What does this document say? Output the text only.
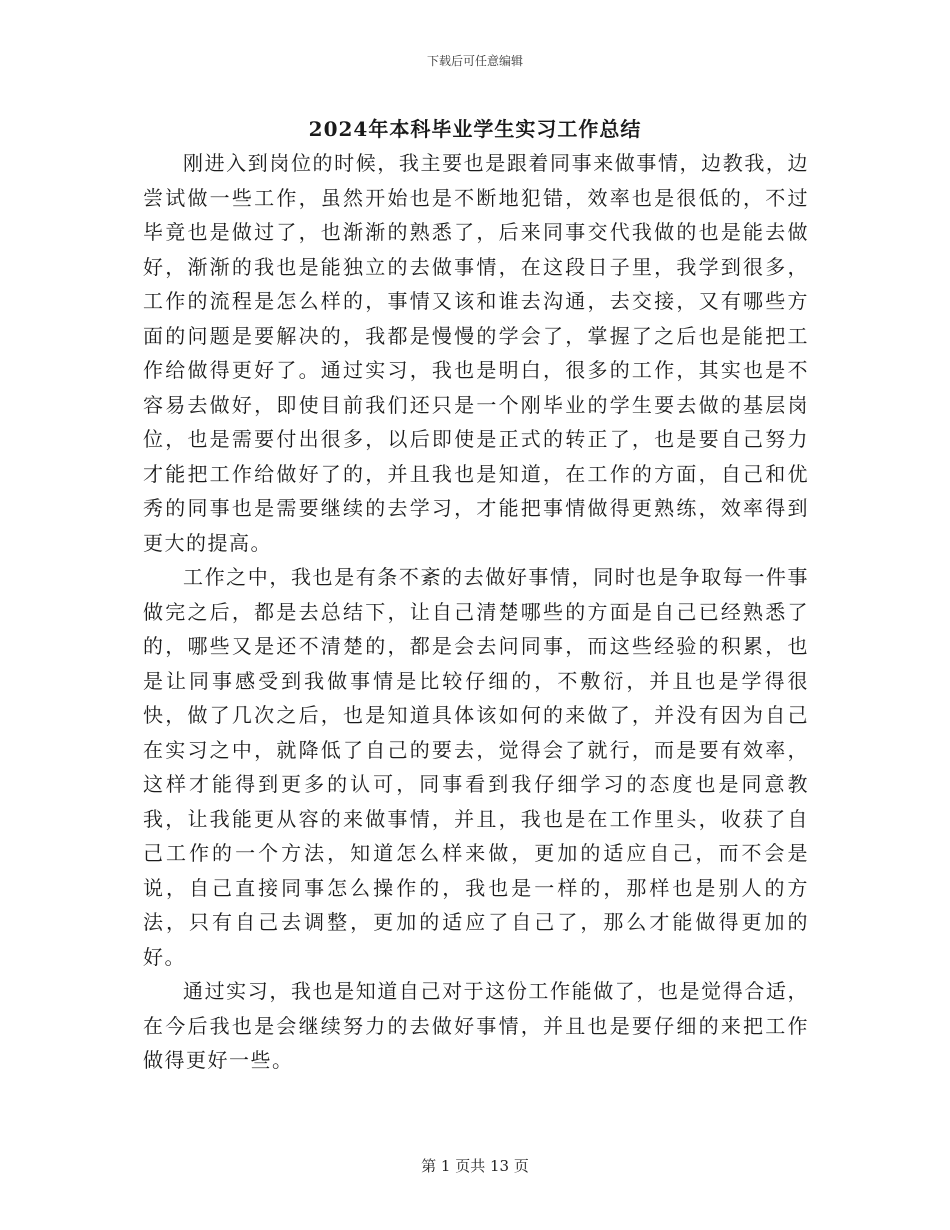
下载后可任意编辑
2024年本科毕业学生实习工作总结

刚进入到岗位的时候，我主要也是跟着同事来做事情，边教我，边尝试做一些工作，虽然开始也是不断地犯错，效率也是很低的，不过毕竟也是做过了，也渐渐的熟悉了，后来同事交代我做的也是能去做好，渐渐的我也是能独立的去做事情，在这段日子里，我学到很多，工作的流程是怎么样的，事情又该和谁去沟通，去交接，又有哪些方面的问题是要解决的，我都是慢慢的学会了，掌握了之后也是能把工作给做得更好了。通过实习，我也是明白，很多的工作，其实也是不容易去做好，即使目前我们还只是一个刚毕业的学生要去做的基层岗位，也是需要付出很多，以后即使是正式的转正了，也是要自己努力才能把工作给做好了的，并且我也是知道，在工作的方面，自己和优秀的同事也是需要继续的去学习，才能把事情做得更熟练，效率得到更大的提高。

工作之中，我也是有条不紊的去做好事情，同时也是争取每一件事做完之后，都是去总结下，让自己清楚哪些的方面是自己已经熟悉了的，哪些又是还不清楚的，都是会去问同事，而这些经验的积累，也是让同事感受到我做事情是比较仔细的，不敷衍，并且也是学得很快，做了几次之后，也是知道具体该如何的来做了，并没有因为自己在实习之中，就降低了自己的要去，觉得会了就行，而是要有效率，这样才能得到更多的认可，同事看到我仔细学习的态度也是同意教我，让我能更从容的来做事情，并且，我也是在工作里头，收获了自己工作的一个方法，知道怎么样来做，更加的适应自己，而不会是说，自己直接同事怎么操作的，我也是一样的，那样也是别人的方法，只有自己去调整，更加的适应了自己了，那么才能做得更加的好。

通过实习，我也是知道自己对于这份工作能做了，也是觉得合适，在今后我也是会继续努力的去做好事情，并且也是要仔细的来把工作做得更好一些。

第 1 页共 13 页
